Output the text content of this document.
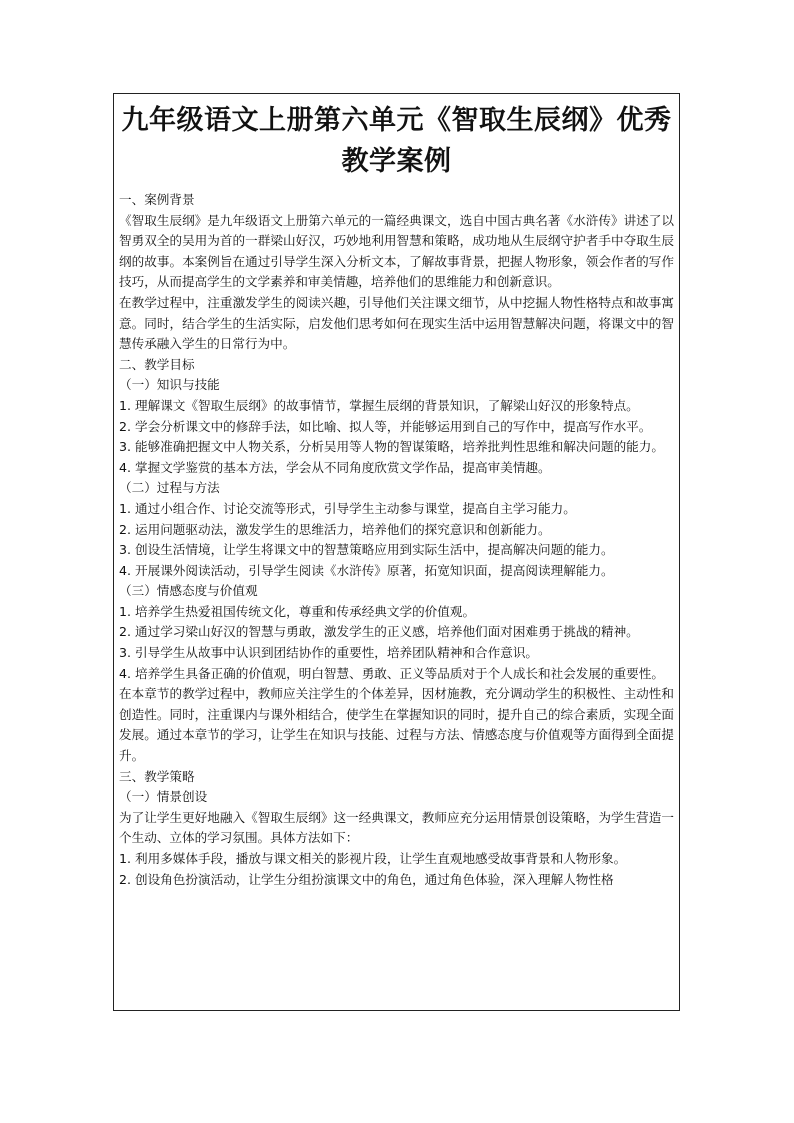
九年级语文上册第六单元《智取生辰纲》优秀教学案例

一、案例背景

《智取生辰纲》是九年级语文上册第六单元的一篇经典课文，选自中国古典名著《水浒传》讲述了以智勇双全的吴用为首的一群梁山好汉，巧妙地利用智慧和策略，成功地从生辰纲守护者手中夺取生辰纲的故事。本案例旨在通过引导学生深入分析文本，了解故事背景，把握人物形象，领会作者的写作技巧，从而提高学生的文学素养和审美情趣，培养他们的思维能力和创新意识。

在教学过程中，注重激发学生的阅读兴趣，引导他们关注课文细节，从中挖掘人物性格特点和故事寓意。同时，结合学生的生活实际，启发他们思考如何在现实生活中运用智慧解决问题，将课文中的智慧传承融入学生的日常行为中。

二、教学目标

（一）知识与技能

1. 理解课文《智取生辰纲》的故事情节，掌握生辰纲的背景知识，了解梁山好汉的形象特点。

2. 学会分析课文中的修辞手法，如比喻、拟人等，并能够运用到自己的写作中，提高写作水平。

3. 能够准确把握文中人物关系，分析吴用等人物的智谋策略，培养批判性思维和解决问题的能力。

4. 掌握文学鉴赏的基本方法，学会从不同角度欣赏文学作品，提高审美情趣。

（二）过程与方法

1. 通过小组合作、讨论交流等形式，引导学生主动参与课堂，提高自主学习能力。

2. 运用问题驱动法，激发学生的思维活力，培养他们的探究意识和创新能力。

3. 创设生活情境，让学生将课文中的智慧策略应用到实际生活中，提高解决问题的能力。

4. 开展课外阅读活动，引导学生阅读《水浒传》原著，拓宽知识面，提高阅读理解能力。

（三）情感态度与价值观

1. 培养学生热爱祖国传统文化，尊重和传承经典文学的价值观。

2. 通过学习梁山好汉的智慧与勇敢，激发学生的正义感，培养他们面对困难勇于挑战的精神。

3. 引导学生从故事中认识到团结协作的重要性，培养团队精神和合作意识。

4. 培养学生具备正确的价值观，明白智慧、勇敢、正义等品质对于个人成长和社会发展的重要性。

在本章节的教学过程中，教师应关注学生的个体差异，因材施教，充分调动学生的积极性、主动性和创造性。同时，注重课内与课外相结合，使学生在掌握知识的同时，提升自己的综合素质，实现全面发展。通过本章节的学习，让学生在知识与技能、过程与方法、情感态度与价值观等方面得到全面提升。

三、教学策略

（一）情景创设

为了让学生更好地融入《智取生辰纲》这一经典课文，教师应充分运用情景创设策略，为学生营造一个生动、立体的学习氛围。具体方法如下：

1. 利用多媒体手段，播放与课文相关的影视片段，让学生直观地感受故事背景和人物形象。

2. 创设角色扮演活动，让学生分组扮演课文中的角色，通过角色体验，深入理解人物性格
